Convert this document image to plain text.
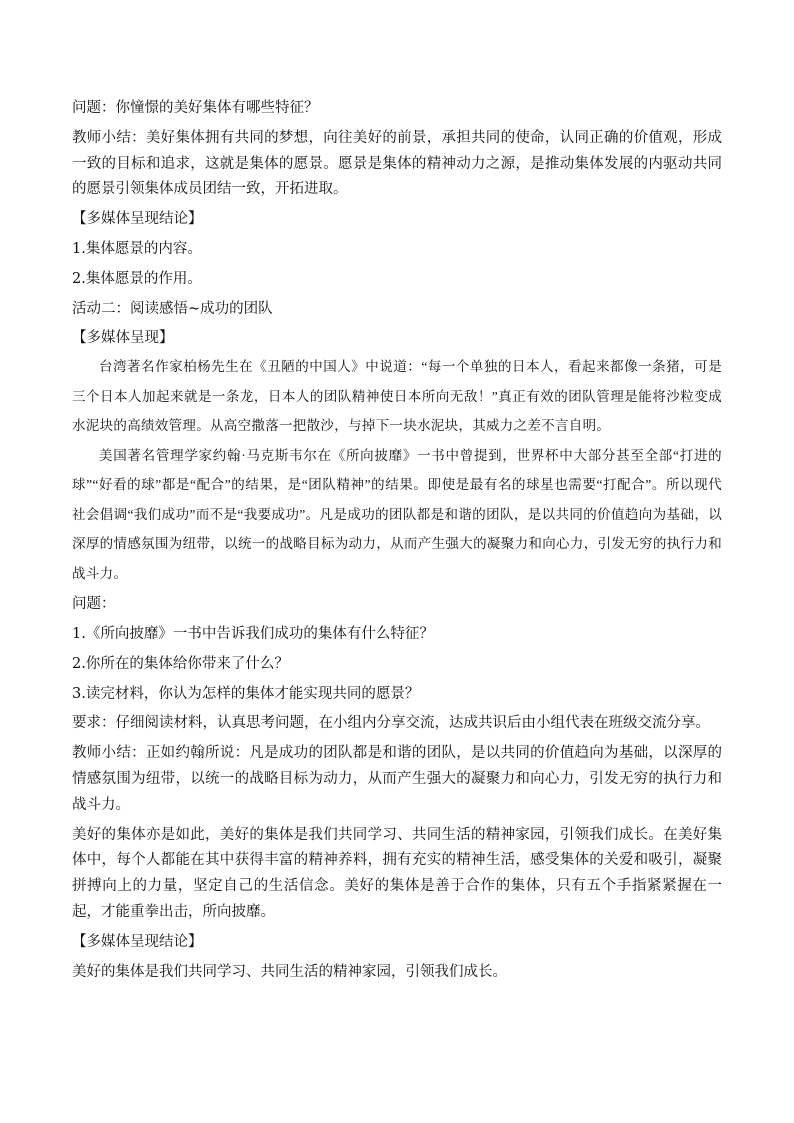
问题：你憧憬的美好集体有哪些特征？

教师小结：美好集体拥有共同的梦想，向往美好的前景，承担共同的使命，认同正确的价值观，形成一致的目标和追求，这就是集体的愿景。愿景是集体的精神动力之源，是推动集体发展的内驱动共同的愿景引领集体成员团结一致，开拓进取。

【多媒体呈现结论】

1.集体愿景的内容。

2.集体愿景的作用。

活动二：阅读感悟~成功的团队

【多媒体呈现】

台湾著名作家柏杨先生在《丑陋的中国人》中说道：“每一个单独的日本人，看起来都像一条猪，可是三个日本人加起来就是一条龙，日本人的团队精神使日本所向无敌！”真正有效的团队管理是能将沙粒变成水泥块的高绩效管理。从高空撒落一把散沙，与掉下一块水泥块，其威力之差不言自明。

美国著名管理学家约翰·马克斯韦尔在《所向披靡》一书中曾提到，世界杯中大部分甚至全部“打进的球”“好看的球”都是“配合”的结果，是“团队精神”的结果。即使是最有名的球星也需要“打配合”。所以现代社会倡调“我们成功”而不是“我要成功”。凡是成功的团队都是和谐的团队，是以共同的价值趋向为基础，以深厚的情感氛围为纽带，以统一的战略目标为动力，从而产生强大的凝聚力和向心力，引发无穷的执行力和战斗力。

问题：

1.《所向披靡》一书中告诉我们成功的集体有什么特征？

2.你所在的集体给你带来了什么？

3.读完材料，你认为怎样的集体才能实现共同的愿景？

要求：仔细阅读材料，认真思考问题，在小组内分享交流，达成共识后由小组代表在班级交流分享。

教师小结：正如约翰所说：凡是成功的团队都是和谐的团队，是以共同的价值趋向为基础，以深厚的情感氛围为纽带，以统一的战略目标为动力，从而产生强大的凝聚力和向心力，引发无穷的执行力和战斗力。

美好的集体亦是如此，美好的集体是我们共同学习、共同生活的精神家园，引领我们成长。在美好集体中，每个人都能在其中获得丰富的精神养料，拥有充实的精神生活，感受集体的关爱和吸引，凝聚拼搏向上的力量，坚定自己的生活信念。美好的集体是善于合作的集体，只有五个手指紧紧握在一起，才能重拳出击，所向披靡。

【多媒体呈现结论】

美好的集体是我们共同学习、共同生活的精神家园，引领我们成长。
